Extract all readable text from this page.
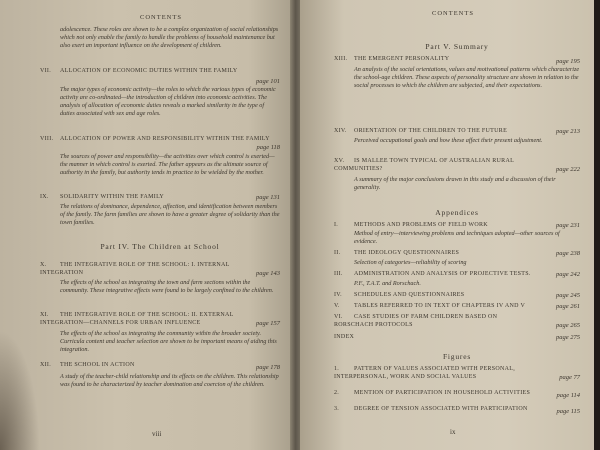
CONTENTS
adolescence. These roles are shown to be a complex organization of social relationships which not only enable the family to handle the problems of household maintenance but also exert an important influence on the development of children.
VII. ALLOCATION OF ECONOMIC DUTIES WITHIN THE FAMILY
page 101
The major types of economic activity—the roles to which the various types of economic activity are co-ordinated—the introduction of children into economic activities. The analysis of allocation of economic duties reveals a marked similarity in the type of duties associated with sex and age roles.
VIII. ALLOCATION OF POWER AND RESPONSIBILITY WITHIN THE FAMILY
page 118
The sources of power and responsibility—the activities over which control is exerted—the manner in which control is exerted. The father appears as the ultimate source of authority in the family, but authority tends in practice to be wielded by the mother.
IX. SOLIDARITY WITHIN THE FAMILY	page 131
The relations of dominance, dependence, affection, and identification between members of the family. The farm families are shown to have a greater degree of solidarity than the town families.
Part IV. The Children at School
X. THE INTEGRATIVE ROLE OF THE SCHOOL: I. INTERNAL INTEGRATION	page 143
The effects of the school as integrating the town and farm sections within the community. These integrative effects were found to be largely confined to the children.
XI. THE INTEGRATIVE ROLE OF THE SCHOOL: II. EXTERNAL INTEGRATION—CHANNELS FOR URBAN INFLUENCE	page 157
The effects of the school as integrating the community within the broader society. Curricula content and teacher selection are shown to be important means of aiding this integration.
XII. THE SCHOOL IN ACTION	page 178
A study of the teacher-child relationship and its effects on the children. This relationship was found to be characterized by teacher domination and coercion of the children.
viii
CONTENTS
Part V. Summary
XIII. THE EMERGENT PERSONALITY	page 195
An analysis of the social orientations, values and motivational patterns which characterize the school-age children. These aspects of personality structure are shown in relation to the social processes to which the children are subjected, and their expectations.
XIV. ORIENTATION OF THE CHILDREN TO THE FUTURE	page 213
Perceived occupational goals and how these affect their present adjustment.
XV. IS MALLEE TOWN TYPICAL OF AUSTRALIAN RURAL COMMUNITIES?	page 222
A summary of the major conclusions drawn in this study and a discussion of their generality.
Appendices
I.	METHODS AND PROBLEMS OF FIELD WORK	page 231
Method of entry—interviewing problems and techniques adopted—other sources of evidence.
II. THE IDEOLOGY QUESTIONNAIRES	page 238
Selection of categories—reliability of scoring
III. ADMINISTRATION AND ANALYSIS OF PROJECTIVE TESTS.	page 242
P.F., T.A.T. and Rorschach.
IV. SCHEDULES AND QUESTIONNAIRES	page 245
V. TABLES REFERRED TO IN TEXT OF CHAPTERS IV AND V	page 261
VI. CASE STUDIES OF FARM CHILDREN BASED ON RORSCHACH PROTOCOLS	page 265
INDEX	page 275
Figures
1. PATTERN OF VALUES ASSOCIATED WITH PERSONAL, INTERPERSONAL, WORK AND SOCIAL VALUES	page 77
2. MENTION OF PARTICIPATION IN HOUSEHOLD ACTIVITIES	page 114
3. DEGREE OF TENSION ASSOCIATED WITH PARTICIPATION	page 115
ix
